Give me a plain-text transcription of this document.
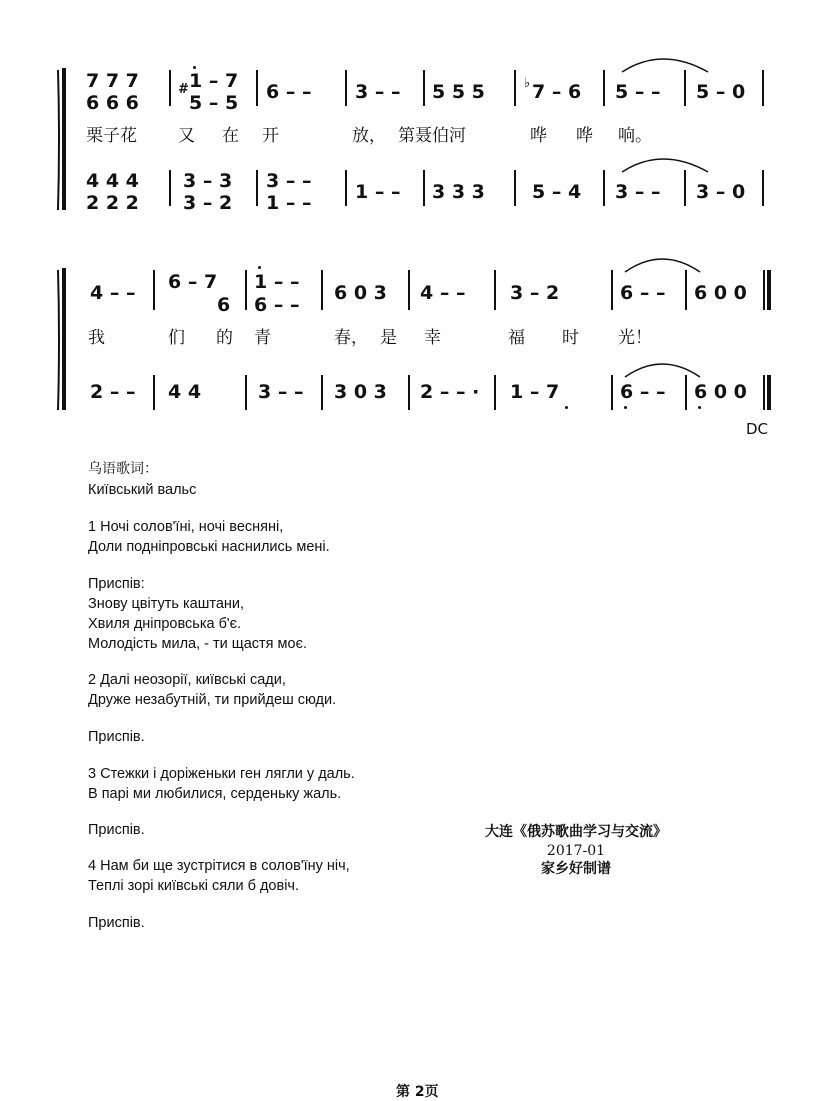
7 7 7
6 6 6
# 1 – 7
5 – 5 6 – – 3 – – 5 5 5	♭ 7 – 6 5 – – 5 – 0
栗子花 又 在 开	放， 第聂伯河	哗 哗 响。
4 4 4
2 2 2
3 – 3
3 – 2
3 – –
1 – – 1 – – 3 3 3 5 – 4 3 – – 3 – 0
4 – – 6 – 7
6
1 – –
6 – –
6 0 3 4 – – 3 – 2	6 – – 6 0 0
我	们 的 青	春， 是 幸	福 时 光！
2 – – 4 4	3 – – 3 0 3 2 – – · 1 – 7	6 – – 6 0 0
DC
乌语歌词：
Київський вальс
1 Ночі солов'їні, ночі весняні,
Доли подніпровські наснились мені.
Приспів:
Знову цвітуть каштани,
Хвиля дніпровська б'є.
Молодість мила, - ти щастя моє.
2 Далі неозорії, київські сади,
Друже незабутній, ти прийдеш сюди.
Приспів.
3 Стежки і доріженьки ген лягли у даль.
В парі ми любилися, серденьку жаль.
Приспів.
4 Нам би ще зустрітися в солов'їну ніч,
Теплі зорі київські сяли б довіч.
Приспів.
大连《俄苏歌曲学习与交流》
2017-01
家乡好制谱
第 2页
